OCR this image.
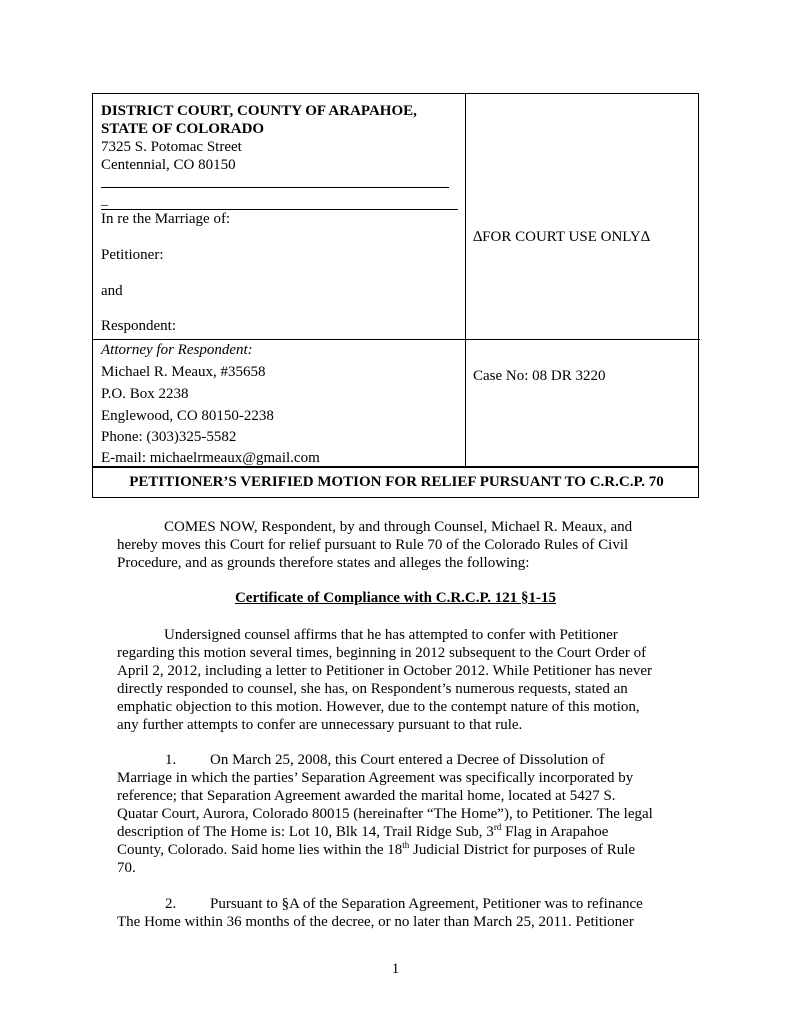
DISTRICT COURT, COUNTY OF ARAPAHOE,
STATE OF COLORADO
7325 S. Potomac Street
Centennial, CO 80150
_
In re the Marriage of:
Petitioner:
and
Respondent:
∆FOR COURT USE ONLY∆
Attorney for Respondent:
Michael R. Meaux, #35658
P.O. Box 2238
Englewood, CO 80150-2238
Phone: (303)325-5582
E-mail: michaelrmeaux@gmail.com
Case No: 08 DR 3220
PETITIONER’S VERIFIED MOTION FOR RELIEF PURSUANT TO C.R.C.P. 70
COMES NOW, Respondent, by and through Counsel, Michael R. Meaux, and
hereby moves this Court for relief pursuant to Rule 70 of the Colorado Rules of Civil
Procedure, and as grounds therefore states and alleges the following:
Certificate of Compliance with C.R.C.P. 121 §1-15
Undersigned counsel affirms that he has attempted to confer with Petitioner
regarding this motion several times, beginning in 2012 subsequent to the Court Order of
April 2, 2012, including a letter to Petitioner in October 2012. While Petitioner has never
directly responded to counsel, she has, on Respondent’s numerous requests, stated an
emphatic objection to this motion. However, due to the contempt nature of this motion,
any further attempts to confer are unnecessary pursuant to that rule.
1.	On March 25, 2008, this Court entered a Decree of Dissolution of
Marriage in which the parties’ Separation Agreement was specifically incorporated by
reference; that Separation Agreement awarded the marital home, located at 5427 S.
Quatar Court, Aurora, Colorado 80015 (hereinafter “The Home”), to Petitioner. The legal
description of The Home is: Lot 10, Blk 14, Trail Ridge Sub, 3rd Flag in Arapahoe
County, Colorado. Said home lies within the 18th Judicial District for purposes of Rule
70.
2.	Pursuant to §A of the Separation Agreement, Petitioner was to refinance
The Home within 36 months of the decree, or no later than March 25, 2011. Petitioner
1
